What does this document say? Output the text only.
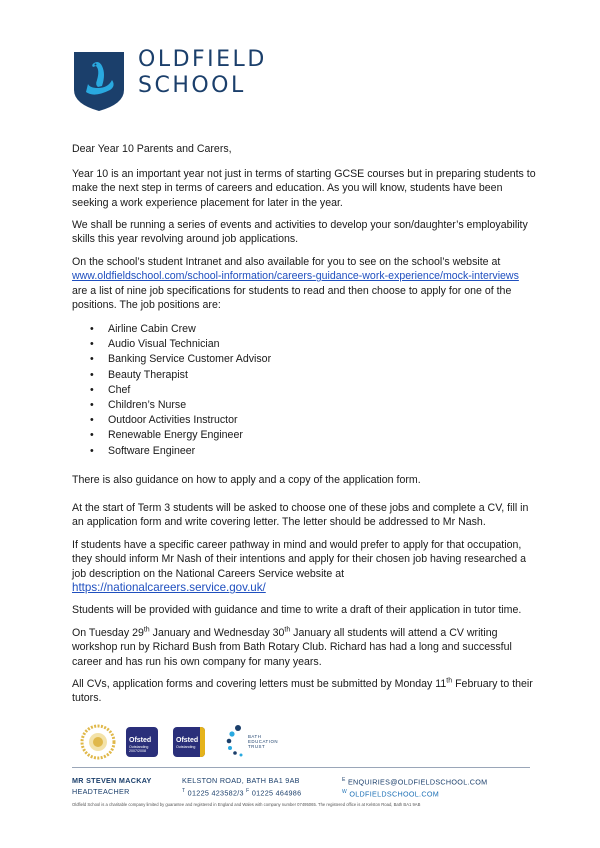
OLDFIELD
SCHOOL

Dear Year 10 Parents and Carers,

Year 10 is an important year not just in terms of starting GCSE courses but in preparing students to make the next step in terms of careers and education. As you will know, students have been seeking a work experience placement for later in the year.

We shall be running a series of events and activities to develop your son/daughter’s employability skills this year revolving around job applications.

On the school’s student Intranet and also available for you to see on the school’s website at
www.oldfieldschool.com/school-information/careers-guidance-work-experience/mock-interviews
are a list of nine job specifications for students to read and then choose to apply for one of the positions. The job positions are:

• Airline Cabin Crew
• Audio Visual Technician
• Banking Service Customer Advisor
• Beauty Therapist
• Chef
• Children’s Nurse
• Outdoor Activities Instructor
• Renewable Energy Engineer
• Software Engineer

There is also guidance on how to apply and a copy of the application form.

At the start of Term 3 students will be asked to choose one of these jobs and complete a CV, fill in an application form and write covering letter. The letter should be addressed to Mr Nash.

If students have a specific career pathway in mind and would prefer to apply for that occupation, they should inform Mr Nash of their intentions and apply for their chosen job having researched a job description on the National Careers Service website at https://nationalcareers.service.gov.uk/

Students will be provided with guidance and time to write a draft of their application in tutor time.

On Tuesday 29th January and Wednesday 30th January all students will attend a CV writing workshop run by Richard Bush from Bath Rotary Club. Richard has had a long and successful career and has run his own company for many years.

All CVs, application forms and covering letters must be submitted by Monday 11th February to their tutors.

Ofsted
Outstanding 2007/2008
Ofsted
Outstanding
BATH
EDUCATION
TRUST
MR STEVEN MACKAY
HEADTEACHER
KELSTON ROAD, BATH BA1 9AB
$^T$ 01225 423582/3 $^F$ 01225 464986
$^E$ ENQUIRIES@OLDFIELDSCHOOL.COM
$^W$ OLDFIELDSCHOOL.COM
Oldfield School is a charitable company limited by guarantee and registered in England and Wales with company number 07495065. The registered office is at Kelston Road, Bath BA1 9AB
